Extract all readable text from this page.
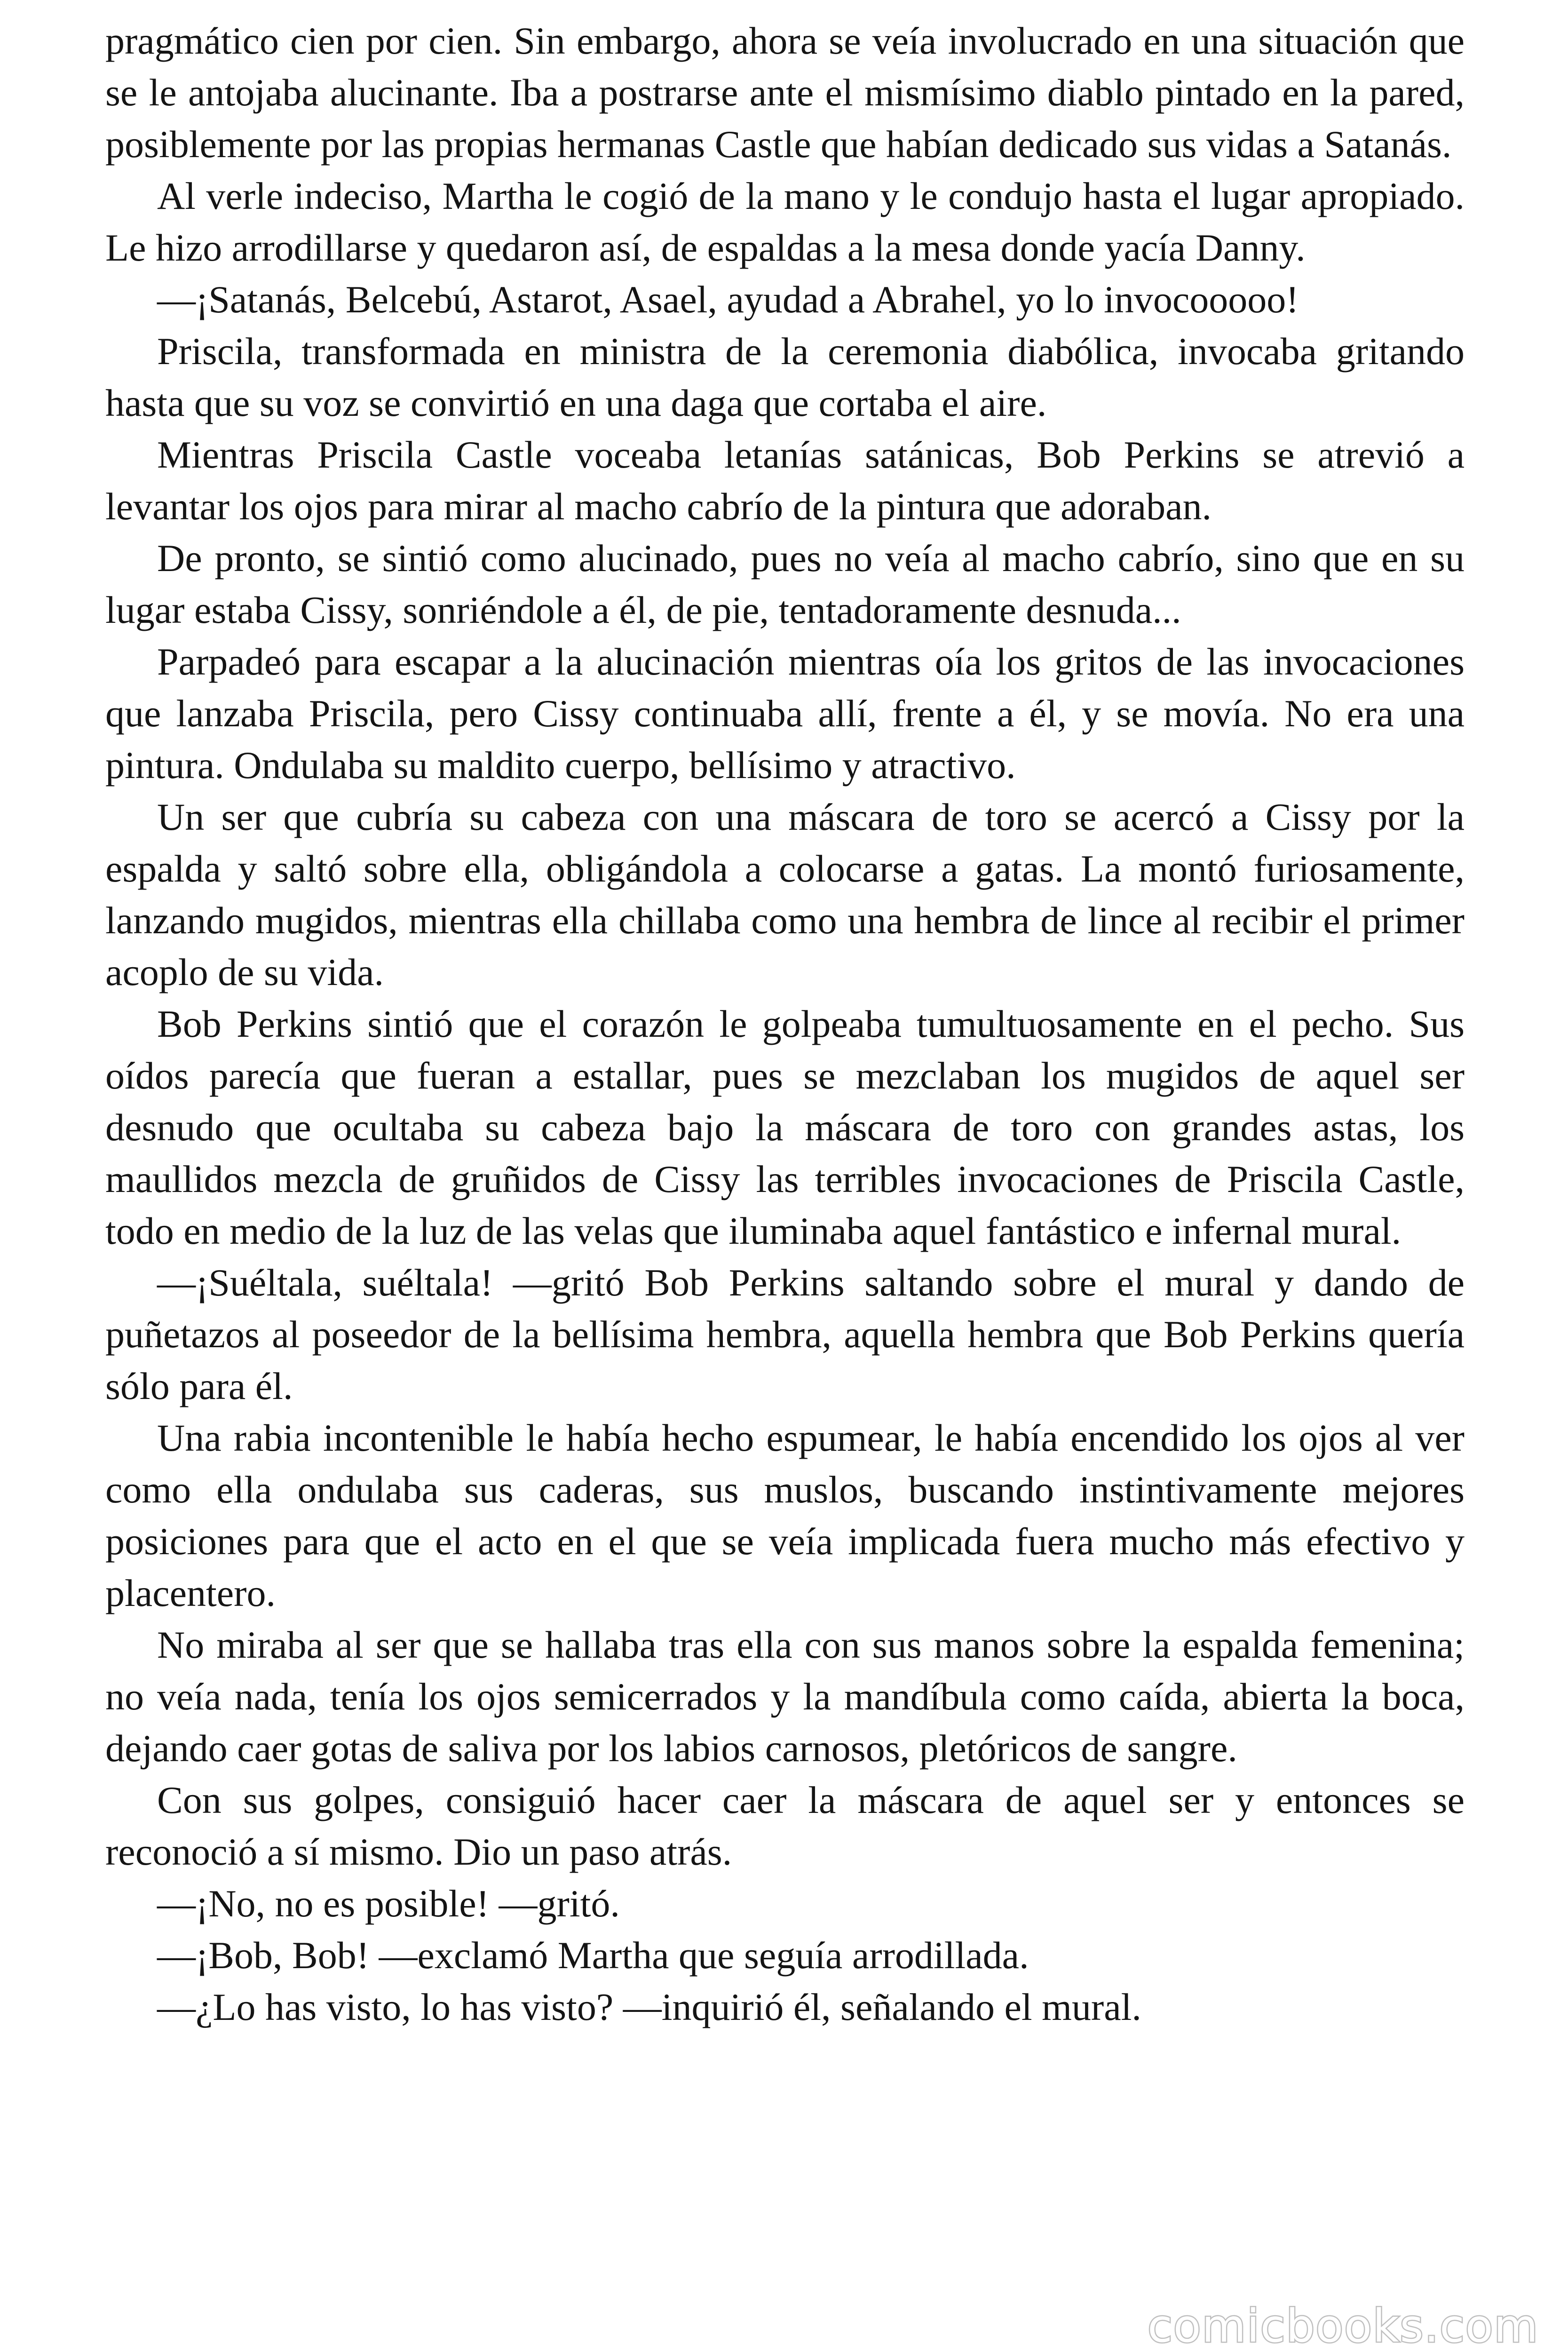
pragmático cien por cien. Sin embargo, ahora se veía involucrado en una situación que se le antojaba alucinante. Iba a postrarse ante el mismísimo diablo pintado en la pared, posiblemente por las propias hermanas Castle que habían dedicado sus vidas a Satanás.

Al verle indeciso, Martha le cogió de la mano y le condujo hasta el lugar apropiado. Le hizo arrodillarse y quedaron así, de espaldas a la mesa donde yacía Danny.

—¡Satanás, Belcebú, Astarot, Asael, ayudad a Abrahel, yo lo invocooooo!

Priscila, transformada en ministra de la ceremonia diabólica, invocaba gritando hasta que su voz se convirtió en una daga que cortaba el aire.

Mientras Priscila Castle voceaba letanías satánicas, Bob Perkins se atrevió a levantar los ojos para mirar al macho cabrío de la pintura que adoraban.

De pronto, se sintió como alucinado, pues no veía al macho cabrío, sino que en su lugar estaba Cissy, sonriéndole a él, de pie, tentadoramente desnuda...

Parpadeó para escapar a la alucinación mientras oía los gritos de las invocaciones que lanzaba Priscila, pero Cissy continuaba allí, frente a él, y se movía. No era una pintura. Ondulaba su maldito cuerpo, bellísimo y atractivo.

Un ser que cubría su cabeza con una máscara de toro se acercó a Cissy por la espalda y saltó sobre ella, obligándola a colocarse a gatas. La montó furiosamente, lanzando mugidos, mientras ella chillaba como una hembra de lince al recibir el primer acoplo de su vida.

Bob Perkins sintió que el corazón le golpeaba tumultuosamente en el pecho. Sus oídos parecía que fueran a estallar, pues se mezclaban los mugidos de aquel ser desnudo que ocultaba su cabeza bajo la máscara de toro con grandes astas, los maullidos mezcla de gruñidos de Cissy las terribles invocaciones de Priscila Castle, todo en medio de la luz de las velas que iluminaba aquel fantástico e infernal mural.

—¡Suéltala, suéltala! —gritó Bob Perkins saltando sobre el mural y dando de puñetazos al poseedor de la bellísima hembra, aquella hembra que Bob Perkins quería sólo para él.

Una rabia incontenible le había hecho espumear, le había encendido los ojos al ver como ella ondulaba sus caderas, sus muslos, buscando instintivamente mejores posiciones para que el acto en el que se veía implicada fuera mucho más efectivo y placentero.

No miraba al ser que se hallaba tras ella con sus manos sobre la espalda femenina; no veía nada, tenía los ojos semicerrados y la mandíbula como caída, abierta la boca, dejando caer gotas de saliva por los labios carnosos, pletóricos de sangre.

Con sus golpes, consiguió hacer caer la máscara de aquel ser y entonces se reconoció a sí mismo. Dio un paso atrás.

—¡No, no es posible! —gritó.

—¡Bob, Bob! —exclamó Martha que seguía arrodillada.

—¿Lo has visto, lo has visto? —inquirió él, señalando el mural.

comicbooks.com
